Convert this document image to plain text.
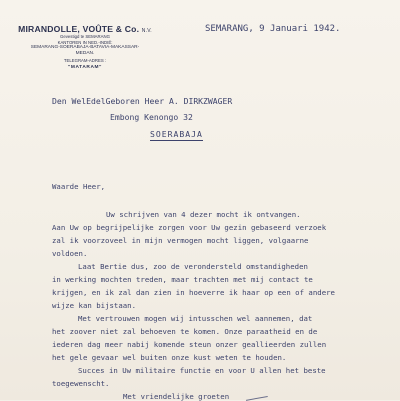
MIRANDOLLE, VOÛTE & Co. N.V.
Gevestigd te SEMARANG
KANTOREN IN NED.-INDIË:
SEMARANG-SOERABAJA-BATAVIA-MAKASSAR-
MEDAN.
TELEGRAM-ADRES :
"MATARAM"
SEMARANG, 9 Januari 1942.
Den WelEdelGeboren Heer A. DIRKZWAGER
Embong Kenongo 32
SOERABAJA
Waarde Heer,
Uw schrijven van 4 dezer mocht ik ontvangen.
Aan Uw op begrijpelijke zorgen voor Uw gezin gebaseerd verzoek
zal ik voorzoveel in mijn vermogen mocht liggen, volgaarne
voldoen.
Laat Bertie dus, zoo de verondersteld omstandigheden
in werking mochten treden, maar trachten met mij contact te
krijgen, en ik zal dan zien in hoeverre ik haar op een of andere
wijze kan bijstaan.
Met vertrouwen mogen wij intusschen wel aannemen, dat
het zoover niet zal behoeven te komen. Onze paraatheid en de
iederen dag meer nabij komende steun onzer geallieerden zullen
het gele gevaar wel buiten onze kust weten te houden.
Succes in Uw militaire functie en voor U allen het beste
toegewenscht.
Met vriendelijke groeten
